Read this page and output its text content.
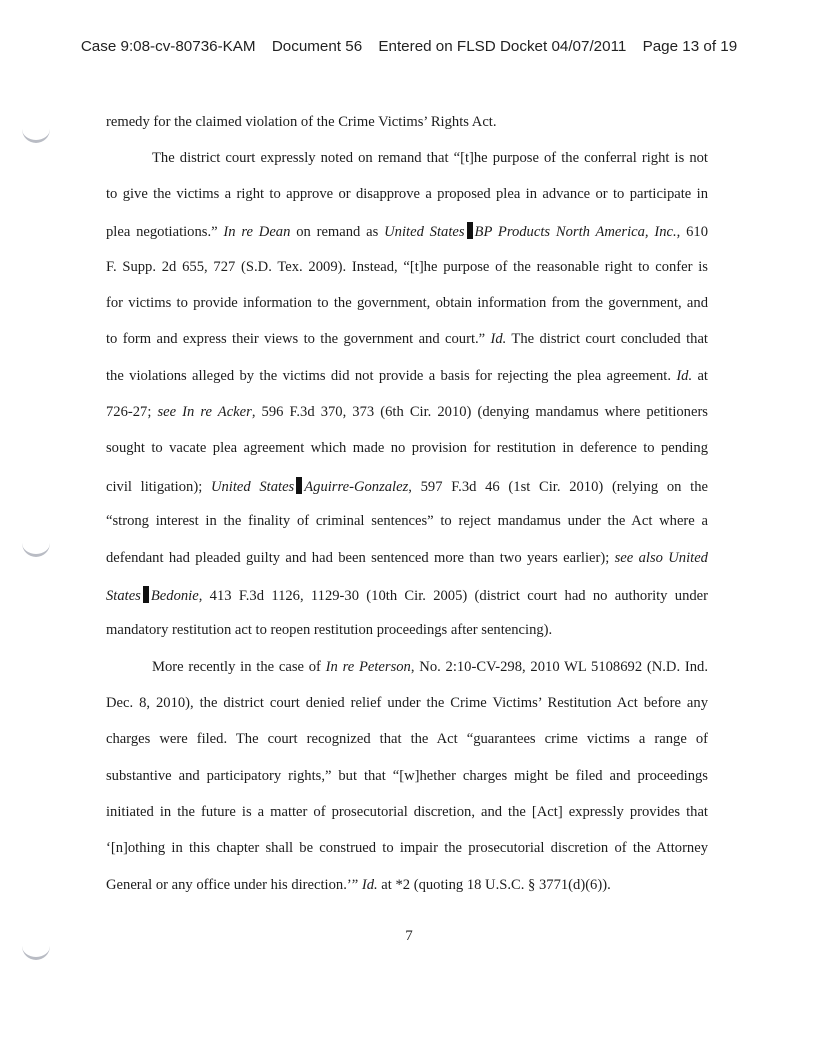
Case 9:08-cv-80736-KAM Document 56 Entered on FLSD Docket 04/07/2011 Page 13 of 19
remedy for the claimed violation of the Crime Victims’ Rights Act.
The district court expressly noted on remand that “[t]he purpose of the conferral right is not
to give the victims a right to approve or disapprove a proposed plea in advance or to participate in
plea negotiations.” In re Dean on remand as United States BP Products North America, Inc., 610
F. Supp. 2d 655, 727 (S.D. Tex. 2009). Instead, “[t]he purpose of the reasonable right to confer is
for victims to provide information to the government, obtain information from the government, and
to form and express their views to the government and court.” Id. The district court concluded that
the violations alleged by the victims did not provide a basis for rejecting the plea agreement. Id. at
726-27; see In re Acker, 596 F.3d 370, 373 (6th Cir. 2010) (denying mandamus where petitioners
sought to vacate plea agreement which made no provision for restitution in deference to pending
civil litigation); United States Aguirre-Gonzalez, 597 F.3d 46 (1st Cir. 2010) (relying on the
“strong interest in the finality of criminal sentences” to reject mandamus under the Act where a
defendant had pleaded guilty and had been sentenced more than two years earlier); see also United
States Bedonie, 413 F.3d 1126, 1129-30 (10th Cir. 2005) (district court had no authority under
mandatory restitution act to reopen restitution proceedings after sentencing).
More recently in the case of In re Peterson, No. 2:10-CV-298, 2010 WL 5108692 (N.D. Ind.
Dec. 8, 2010), the district court denied relief under the Crime Victims’ Restitution Act before any
charges were filed. The court recognized that the Act “guarantees crime victims a range of
substantive and participatory rights,” but that “[w]hether charges might be filed and proceedings
initiated in the future is a matter of prosecutorial discretion, and the [Act] expressly provides that
‘[n]othing in this chapter shall be construed to impair the prosecutorial discretion of the Attorney
General or any office under his direction.’” Id. at *2 (quoting 18 U.S.C. § 3771(d)(6)).
7
